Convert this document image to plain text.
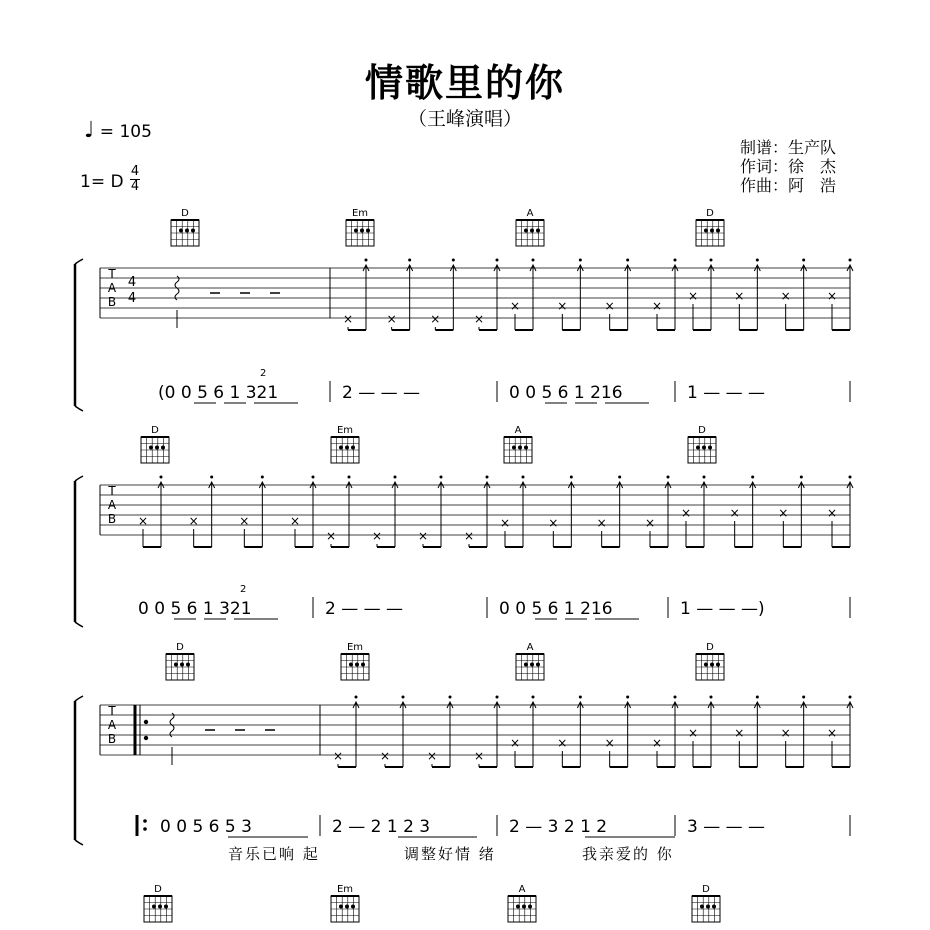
情歌里的你
（王峰演唱）
♩ = 105
1= D
4
4
制谱：生产队
作词：徐　杰
作曲：阿　浩
D	Em	A	D
T
A
B
4
4
×	×	×	×
×	×	×	×
×	×	×	×
(0 0 5 6 1 321	2 — — —	0 0 5 6 1 216	1 — — —
2
D	Em	A	D
T
A
B ×	×	×	×
×	×	×	×
×	×	×	×
×	×	×	×
0 0 5 6 1 321	2 — — —	0 0 5 6 1 216	1 — — —)
2
D	Em	A	D
T
A
B
×	×	×	×
×	×	×	×
×	×	×	×
0 0 5 6 5 3	2 — 2 1 2 3	2 — 3 2 1 2	3 — — —
音乐已响 起	调整好情 绪	我亲爱的 你
D	Em	A	D
